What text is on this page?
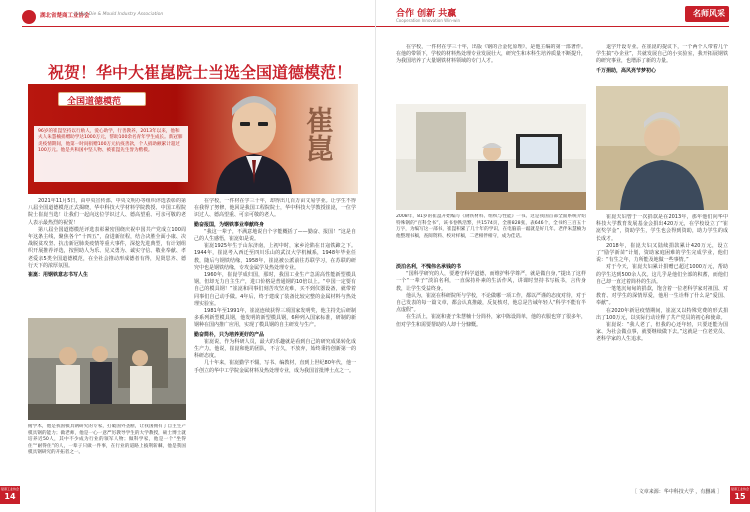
湖北省楚商工业协会
HuBei Die & Mould Industry Association
祝贺！华中大崔崑院士当选全国道德模范！
全国道德模范
96岁的崔崑坚持以行励人，爱心助学，行善教养，2013年以来，他和夫人朱慧楠捐赠助学达1000万元，帮助100余名青年学生成长。新冠肺炎疫情期间，他第一时间捐赠100万元抗疫善款，个人捐助额累计超过100万元。他是共和国中坚人物、被崔崑先生誉为楷模。	崔崑

2021年11月5日，由中央宣传部、中央文明办等组织评选表彰的第八届全国道德模范正式揭晓，华中科技大学材料学院教授、中国工程院院士崔崑当选！让我们一起向这位学识过人、德高望重、可亲可敬的老人表示最热烈的祝贺！

第八届全国道德模范评选表彰紧密围绕庆祝中国共产党成立100周年这条主线，聚焦各个“十四五”，奋进新征程，结合决胜全面小康、决战脱贫攻坚、抗击新冠肺炎疫情等重大事件，深挖先进典型，有计划组织开展推荐评选，按照助人为乐、见义勇为、诚实守信、敬业奉献、孝老爱亲5类全国道德模范，在全社会推动形成德者有得，见贤思齐、德行天下的浓厚氛围。

崔崑：用钢铁意志书写人生

在学校，一件材在学三十年，却得出几百万亩文易学业。让学生不得在我得了努修，他回是我国工程院院士，华中科技大学教授崔崑，一位学识过人、德高望重、可亲可敬的老人。

勤奋报国，为钢铁事业奉献终身

“我这一辈子，不满意地说自个字能概括了——勤奋、报国！”这是自己的人生感悟，崔崑如是说。

崔崑1925年生于山东济南，上初中时，家乡沦陷在日寇铁蹄之下。1944年，崔崑考入西迁至四川乐山的武汉大学机械系，1948年毕业任教，随后与钢铁结缘，1958年，崔崑被公派前往苏联学习，在苏联的研究中也是钢铁结缘，专攻金属学及热处理专业。

1960年，崔崑学成归国，那时，我国工业生产急需高性能新型模具钢，但却无力自主生产，进口价格是普通钢的10倍以上。“中国一定要有自己的模具钢！”崔崑和同事们刻苦攻坚克难，买不到仪器设备，就带着同事们自己动手做。4年后，终于建成了装备比较完整的金属材料与热处理实验室。

1981年至1991年，崔崑连续获得三项国家发明奖，他主持先后研制多系列新型模具钢，他发明的新型模具钢，6种列入国家标准，研制的新钢种在国内推广应用，实现了模具钢的自主研发与生产。

勤奋简朴，只为培养更好的产品

崔崑说，作为科研人员，最大的乐趣就是看到自己的研究成果转化成生产力。他说，崔崑和他的团队，不言久，不放弃，始终秉持创新第一的科研态度。

几十年来，崔崑勤学不辍，写书、编教材，直到上世纪80年代，他一手创立的华中工学院金属材料及热处理专业，成为我国首批博士点之一。

俯学术，他是我国模具钢研究的专家，打破国外垄断，让我国拥有了自主生产模具钢的能力；做老师，他是一心一意严厉教导学生的大学教授，硕士博士就培养近50人，其中不少成为行业的领军人物；做科学家，他是一个“坐得住”“耐得住”的人，一辈子只做一件事，在行业的道路上披荆斩棘，他是我国模具钢研究的开拓者之一。
楚商工业协会
14
合作 创新 共赢
Cooperation Innovation Win-win
名师风采

在学校，一件材在学三十年，出版《钢的合金化原理》，是他主编的第一部著作。在他的带领下，学校的材料热处理专业发展壮大，研究生和本科生培养质量不断提升，为我国培养了大量钢铁材料领域的专门人才。

退学开设专业。在崔崑的提议下，一个两个人带着几个学生搞“办企业”，共就发展自己的小实验室，我开拓展钢铁的研究事业，也增添了新的力量。

千万捐助，高风亮节梦初心

2008年，81岁的崔崑开始编写《钢铁材料、组织与性能》一书。这是我国首部全面系统介绍特殊钢的“百科全书”，该书卷帙浩繁，共1574页，全册828张，表646个，全书约三百五十万字，为编写这一部书，崔崑积累了几十年的学识，在电脑前一敲就是好几年。老伴朱慧楠为他整理书稿，查阅资料、校对样稿，二老相伴相守，成为佳话。

淡泊名利，不愧伟名承钱的书

“国科学研究的人，要遵守科学道德，而维护科学尊严，就是做自身，”提出了这样一个“一辈子“淡泊名利，一直保持朴素的生活作风，讲课时坚持书写板书，言传身教，让学生受益终身。

他认为，崔崑在科研院所与学校，不论做哪一项工作，都以严谨的态度对待，对于自己发表的每一篇文章，都会认真推敲，反复核对，他总是告诫年轻人“科学不能有半点虚假”。

在生活上，崔崑和妻子朱慧楠十分简朴，家中陈设简单，他的衣服也穿了很多年，但对学生和需要帮助的人却十分慷慨。

崔崑夫妇曾于一次捐款是在2013年，那年他们向华中科技大学教育发展基金会捐出420万元，在学校设立了“崔崑奖学金”，资助学生，学生也会得到资助，助力学生的成长成才。

2018年，崔崑夫妇又陆续捐款累计420万元，设立了“励学新苗”计划，资助家庭困难的学生完成学业，他们说：“有生之年，力所能及地做一些事情。”

对于今天，崔崑夫妇累计捐赠已超过1000万元，帮助的学生达到500余人次。这几乎是他们全部的积蓄，而他们自己却一直过着简朴的生活。

一笔笔沉甸甸的捐款，饱含着一位老科学家对祖国、对教育、对学生的深情厚爱，他用一生诠释了什么是“爱国、奉献”。

在2020年新冠疫情期间，崔崑又以特殊党费的形式捐出了100万元，以实际行动诠释了共产党员的初心和使命。

崔崑说：“我人老了，但我的心还年轻，只要还能为国家、为社会做点事，就要继续做下去。”这就是一位老党员、老科学家的人生追求。

［ 文章来源：华中科技大学 ，有删减 ］	楚商工业协会
15
